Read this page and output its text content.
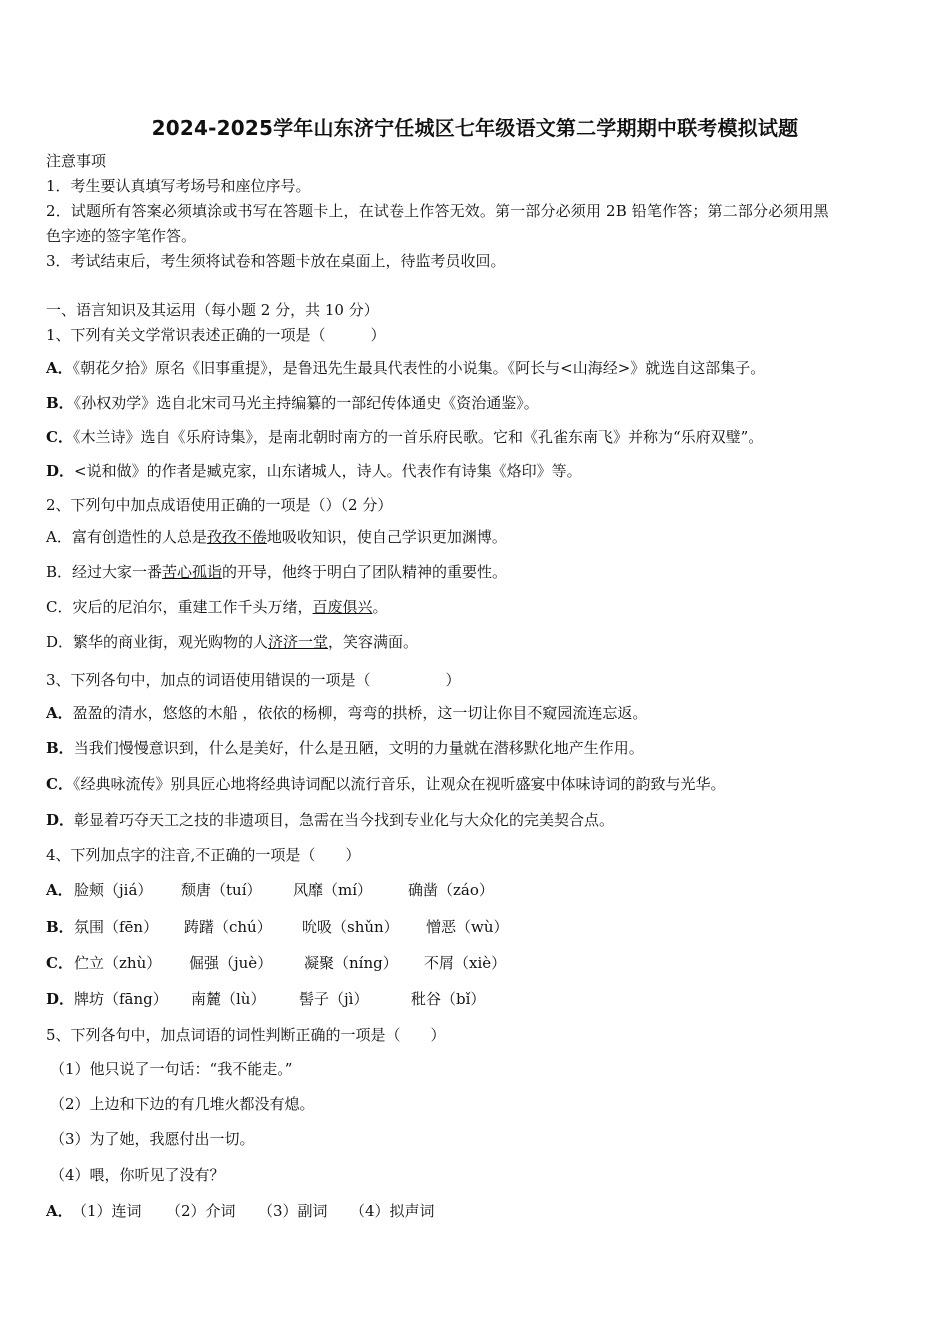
2024-2025学年山东济宁任城区七年级语文第二学期期中联考模拟试题
注意事项
1．考生要认真填写考场号和座位序号。
2．试题所有答案必须填涂或书写在答题卡上，在试卷上作答无效。第一部分必须用 2B 铅笔作答；第二部分必须用黑
色字迹的签字笔作答。
3．考试结束后，考生须将试卷和答题卡放在桌面上，待监考员收回。
一、语言知识及其运用（每小题 2 分，共 10 分）
1、下列有关文学常识表述正确的一项是（　　　）
A．《朝花夕拾》原名《旧事重提》，是鲁迅先生最具代表性的小说集。《阿长与<山海经>》就选自这部集子。
B．《孙权劝学》选自北宋司马光主持编纂的一部纪传体通史《资治通鉴》。
C．《木兰诗》选自《乐府诗集》，是南北朝时南方的一首乐府民歌。它和《孔雀东南飞》并称为“乐府双璧”。
D．<说和做》的作者是臧克家，山东诸城人，诗人。代表作有诗集《烙印》等。
2、下列句中加点成语使用正确的一项是（）（2 分）
A．富有创造性的人总是孜孜不倦地吸收知识，使自己学识更加渊博。
B．经过大家一番苦心孤诣的开导，他终于明白了团队精神的重要性。
C．灾后的尼泊尔，重建工作千头万绪，百废俱兴。
D．繁华的商业街，观光购物的人济济一堂，笑容满面。
3、下列各句中，加点的词语使用错误的一项是（　　　　　）
A．盈盈的清水，悠悠的木船 ，依依的杨柳，弯弯的拱桥，这一切让你目不窥园流连忘返。
B．当我们慢慢意识到，什么是美好，什么是丑陋，文明的力量就在潜移默化地产生作用。
C．《经典咏流传》别具匠心地将经典诗词配以流行音乐，让观众在视听盛宴中体味诗词的韵致与光华。
D．彰显着巧夺天工之技的非遗项目，急需在当今找到专业化与大众化的完美契合点。
4、下列加点字的注音,不正确的一项是（　　）
A．脸颊（jiá） 颓唐（tuí） 风靡（mí） 确凿（záo）
B．氛围（fēn） 踌躇（chú） 吮吸（shǔn） 憎恶（wù）
C．伫立（zhù） 倔强（juè） 凝聚（níng） 不屑（xiè）
D．牌坊（fāng） 南麓（lù） 髻子（jì）	秕谷（bǐ）
5、下列各句中，加点词语的词性判断正确的一项是（　　）
（1）他只说了一句话：“我不能走。”
（2）上边和下边的有几堆火都没有熄。
（3）为了她，我愿付出一切。
（4）喂，你听见了没有？
A．（1）连词 （2）介词 （3）副词 （4）拟声词
